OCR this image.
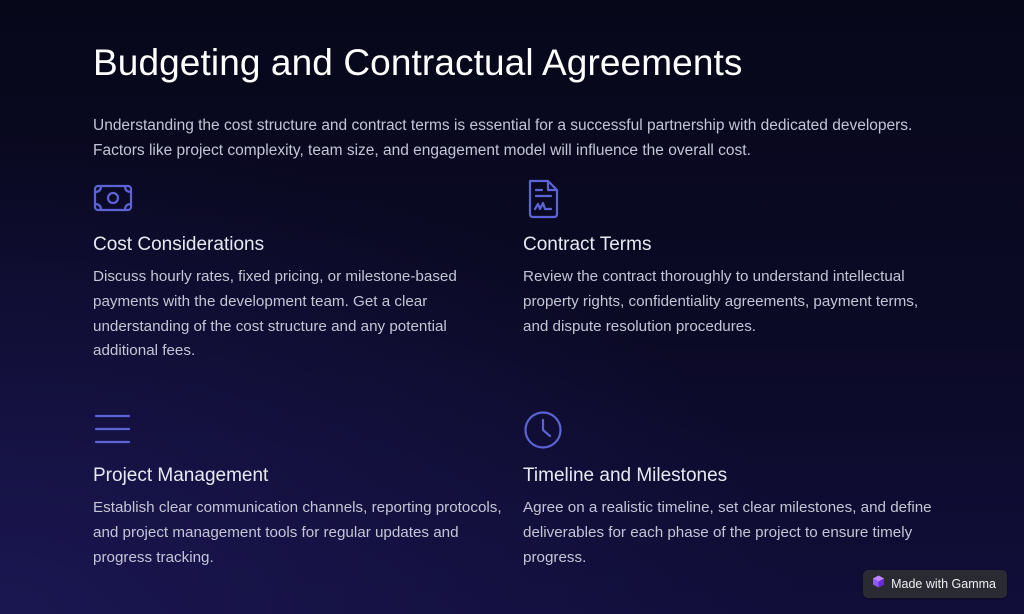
Budgeting and Contractual Agreements

Understanding the cost structure and contract terms is essential for a successful partnership with dedicated developers. Factors like project complexity, team size, and engagement model will influence the overall cost.

Cost Considerations

Discuss hourly rates, fixed pricing, or milestone-based payments with the development team. Get a clear understanding of the cost structure and any potential additional fees.

Contract Terms

Review the contract thoroughly to understand intellectual property rights, confidentiality agreements, payment terms, and dispute resolution procedures.

Project Management

Establish clear communication channels, reporting protocols, and project management tools for regular updates and progress tracking.

Timeline and Milestones

Agree on a realistic timeline, set clear milestones, and define deliverables for each phase of the project to ensure timely progress.

Made with Gamma
